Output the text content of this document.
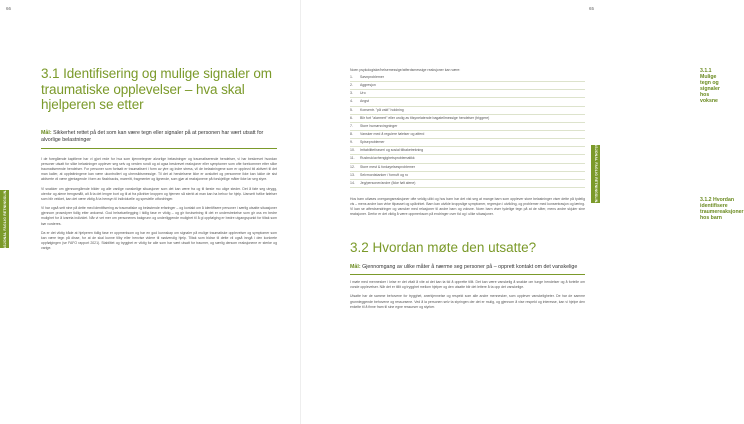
66
NASJONAL FAGLIG RETNINGSLINJE
3.1 Identifisering og mulige signaler om traumatiske opplevelser – hva skal hjelperen se etter
Mål: Sikkerhet rettet på det som kan være tegn eller signaler på at personen har vært utsatt for alvorlige belastninger

I de foregående kapitlene har vi gjort rede for hva som kjennetegner alvorlige belastninger og traumatiserende hendelser, vi har beskrevet hvordan personer utsatt for slike belastninger opplever seg selv og verden rundt og at ogsa beskrevet reaksjoner eller symptomer som ofte forekommer etter slike traumatiserende hendelser. For personer som fortsatt er traumatisert i form av ytre og indre stress, vil de belastningene som er opplevd bli aktivert til det man kaller, at oppfattningene kan være ukontrollert og uhensiktsmessige. Til det at hendelsene ikke er avsluttet og personene ikke kan lukke de sist aktiverte vil være gjentagende i form av flashbacks, mareritt, fragmenter og lignende, som gjør at reaksjonene på forskjellige måter ikke lar seg styre.

Vi snakker om gjennomgående bilder og alle vanlige vanskelige situasjoner som det kan være fra og til første mo ulige steder. Det å føle seg utrygg, utenfor og alene trengsmålt, alt å ta det lengre bort og til at fra påvirker kroppen og hjernen så sterkt at man kan ha behov for hjelp. Uansett hvilke følelser som blir vekket, kan det være viktig å ta hensyn til individuelle og spesielle utfordringer.

Vi har også sett nine på dette med identifisering av traumatiske og belastende erfaringer – og kontakt om å identifisere personer i særlig utsatte situasjoner gjennom prosedyrer tidlig etter ankomst. God helsekartlegging i tidlig fase er viktig – og gir forutsetning til det er understrekelse som gir oss en bedre mulighet for å ivareta individet. Når vi vet mer om personenes bakgrunn og underliggende mulighet til å gi oppfølging er bedre utgangspunkt for tiltak som bør vurderes.

Da er det viktig både at hjelperen tidlig fase er oppmerksom og har en god kunnskap om signaler på mulige traumatiske opplevelser og symptomer som kan være tegn på disse, for at de skal kunne tilby eller henvise videre til nødvendig hjelp. Tiltak som bidrar til dette vil også inngå i den konkrete oppfølgingen (se FAFO rapport 2021). Stabilitet og trygghet er viktig for alle som har vært utsatt for traumer, og særlig dersom reaksjonene er sterke og varige.

65
NASJONAL FAGLIG RETNINGSLINJE
3.1.1 Mulige tegn og signaler hos voksne
Noen psykologiske/helsemessige/atferdsmessige reaksjoner kan være:
1.	Søvnproblemer
2.	Aggresjon
3.	Uro
4.	Angst
5.	Konsentr. "på vakt" holdning
6.	Blir fort "alarmert" eller urolig av tilsynelatende bagatellmessige hendelser (triggere)
7.	Store humørsvingninger
8.	Vansker med å regulere følelser og atferd
9.	Spiseproblemer
10.	Irritabilitet/raseri og sosial tilbaketrekning
11.	Rusbruk/avhengighetsproblematikk
12.	Store mest & fordøyelsesproblemer
13.	Selvmordstanker / fornuft og ro
14.	Jeg/personer/andre (Ikke følt alene)
3.1.2 Hvordan identifisere traumereaksjoner hos barn
Hos barn utløses overgangsreaksjoner ofte veldig ulikt og hos barn har det vist seg at mange barn som opplever store belastninger viser dette på tydelig vis – mens andre kan virke tilpasset og upåvirket. Barn kan utvikle kroppslige symptomer, regresjon i utvikling, og problemer med konsentrasjon og læring. Vi kan se atferdsendringer og vansker med relasjoner til andre barn og voksne. Noen barn viser tydelige tegn på at de sliter, mens andre skjuler sine reaksjoner. Derfor er det viktig å være oppmerksom på endringer over tid og i ulike situasjoner.
3.2 Hvordan møte den utsatte?
Mål: Gjennomgang av ulike måter å nærme seg personer på – opprett kontakt om det vanskelige

I møte med mennesker i krise er det vitalt å vite at det kan ta tid å opprette tillit. Det kan være vanskelig å snakke om tunge hendelser og å fortelle om vonde opplevelser. Når det er tillit og trygghet mellom hjelper og den utsatte blir det lettere å ta opp det vanskelige.

Utsatte har de samme behovene for trygghet, anerkjennelse og respekt som alle andre mennesker, som opplever vanskeligheter. De har de samme grunnleggende behovene og ressursene. Ved å la personen selv ta styringen der det er mulig, og gjennom å vise respekt og interesse, kan vi hjelpe den enkelte til å finne fram til sine egne ressurser og styrker.
